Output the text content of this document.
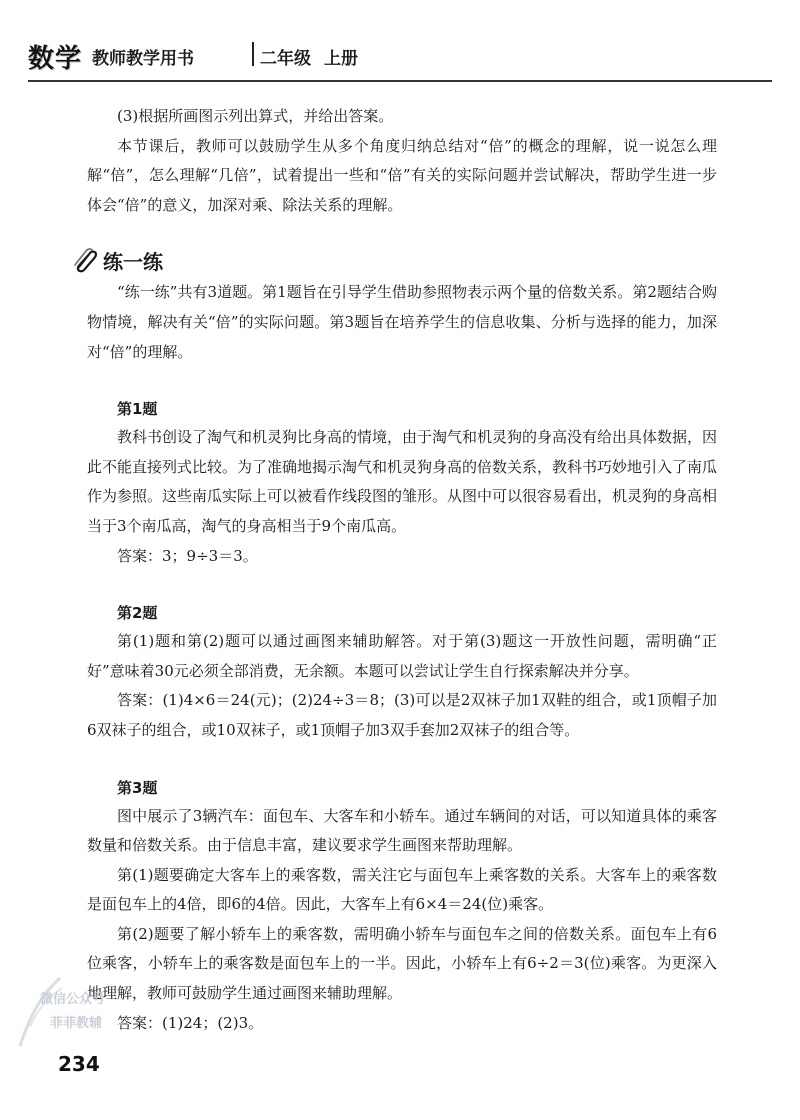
数学 教师教学用书	二年级 上册

(3)根据所画图示列出算式，并给出答案。

本节课后，教师可以鼓励学生从多个角度归纳总结对“倍”的概念的理解，说一说怎么理解“倍”，怎么理解“几倍”，试着提出一些和“倍”有关的实际问题并尝试解决，帮助学生进一步体会“倍”的意义，加深对乘、除法关系的理解。

练一练

“练一练”共有3道题。第1题旨在引导学生借助参照物表示两个量的倍数关系。第2题结合购物情境，解决有关“倍”的实际问题。第3题旨在培养学生的信息收集、分析与选择的能力，加深对“倍”的理解。

第1题

教科书创设了淘气和机灵狗比身高的情境，由于淘气和机灵狗的身高没有给出具体数据，因此不能直接列式比较。为了准确地揭示淘气和机灵狗身高的倍数关系，教科书巧妙地引入了南瓜作为参照。这些南瓜实际上可以被看作线段图的雏形。从图中可以很容易看出，机灵狗的身高相当于3个南瓜高，淘气的身高相当于9个南瓜高。

答案：3；9÷3＝3。

第2题

第(1)题和第(2)题可以通过画图来辅助解答。对于第(3)题这一开放性问题，需明确“正好”意味着30元必须全部消费，无余额。本题可以尝试让学生自行探索解决并分享。

答案：(1)4×6＝24(元)；(2)24÷3＝8；(3)可以是2双袜子加1双鞋的组合，或1顶帽子加6双袜子的组合，或10双袜子，或1顶帽子加3双手套加2双袜子的组合等。

第3题

图中展示了3辆汽车：面包车、大客车和小轿车。通过车辆间的对话，可以知道具体的乘客数量和倍数关系。由于信息丰富，建议要求学生画图来帮助理解。

第(1)题要确定大客车上的乘客数，需关注它与面包车上乘客数的关系。大客车上的乘客数是面包车上的4倍，即6的4倍。因此，大客车上有6×4＝24(位)乘客。

第(2)题要了解小轿车上的乘客数，需明确小轿车与面包车之间的倍数关系。面包车上有6位乘客，小轿车上的乘客数是面包车上的一半。因此，小轿车上有6÷2＝3(位)乘客。为更深入地理解，教师可鼓励学生通过画图来辅助理解。

答案：(1)24；(2)3。

微信公众号
菲菲教辅
234
